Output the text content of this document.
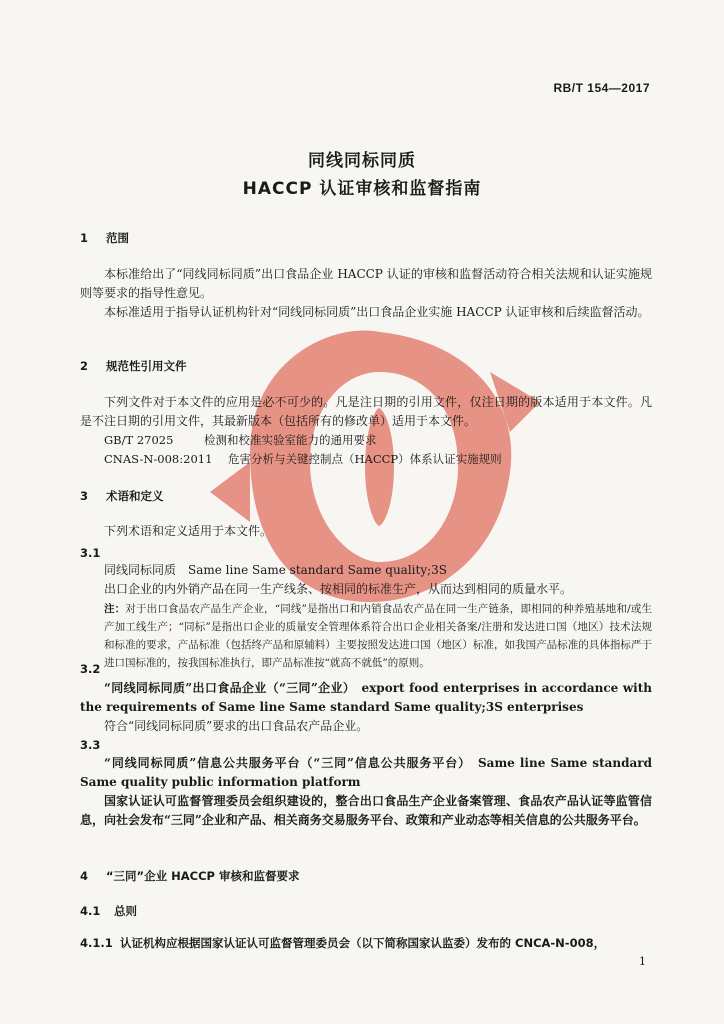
RB/T 154—2017
同线同标同质
HACCP 认证审核和监督指南
1 范围
本标准给出了“同线同标同质”出口食品企业 HACCP 认证的审核和监督活动符合相关法规和认证实施规则等要求的指导性意见。
本标准适用于指导认证机构针对“同线同标同质”出口食品企业实施 HACCP 认证审核和后续监督活动。
2 规范性引用文件
下列文件对于本文件的应用是必不可少的。凡是注日期的引用文件，仅注日期的版本适用于本文件。凡是不注日期的引用文件，其最新版本（包括所有的修改单）适用于本文件。
GB/T 27025	检测和校准实验室能力的通用要求
CNAS-N-008:2011 危害分析与关键控制点（HACCP）体系认证实施规则
3 术语和定义
下列术语和定义适用于本文件。
3.1
同线同标同质　Same line Same standard Same quality;3S
出口企业的内外销产品在同一生产线条、按相同的标准生产，从而达到相同的质量水平。
注：对于出口食品农产品生产企业，“同线”是指出口和内销食品农产品在同一生产链条，即相同的种养殖基地和/或生产加工线生产；“同标”是指出口企业的质量安全管理体系符合出口企业相关备案/注册和发达进口国（地区）技术法规和标准的要求，产品标准（包括终产品和原辅料）主要按照发达进口国（地区）标准，如我国产品标准的具体指标严于进口国标准的，按我国标准执行，即产品标准按“就高不就低”的原则。
3.2
“同线同标同质”出口食品企业（“三同”企业）　export food enterprises in accordance with the requirements of Same line Same standard Same quality;3S enterprises
符合“同线同标同质”要求的出口食品农产品企业。
3.3
“同线同标同质”信息公共服务平台（“三同”信息公共服务平台）　Same line Same standard Same quality public information platform
国家认证认可监督管理委员会组织建设的，整合出口食品生产企业备案管理、食品农产品认证等监管信息，向社会发布“三同”企业和产品、相关商务交易服务平台、政策和产业动态等相关信息的公共服务平台。
4 “三同”企业 HACCP 审核和监督要求
4.1 总则
4.1.1 认证机构应根据国家认证认可监督管理委员会（以下简称国家认监委）发布的 CNCA-N-008，
1
